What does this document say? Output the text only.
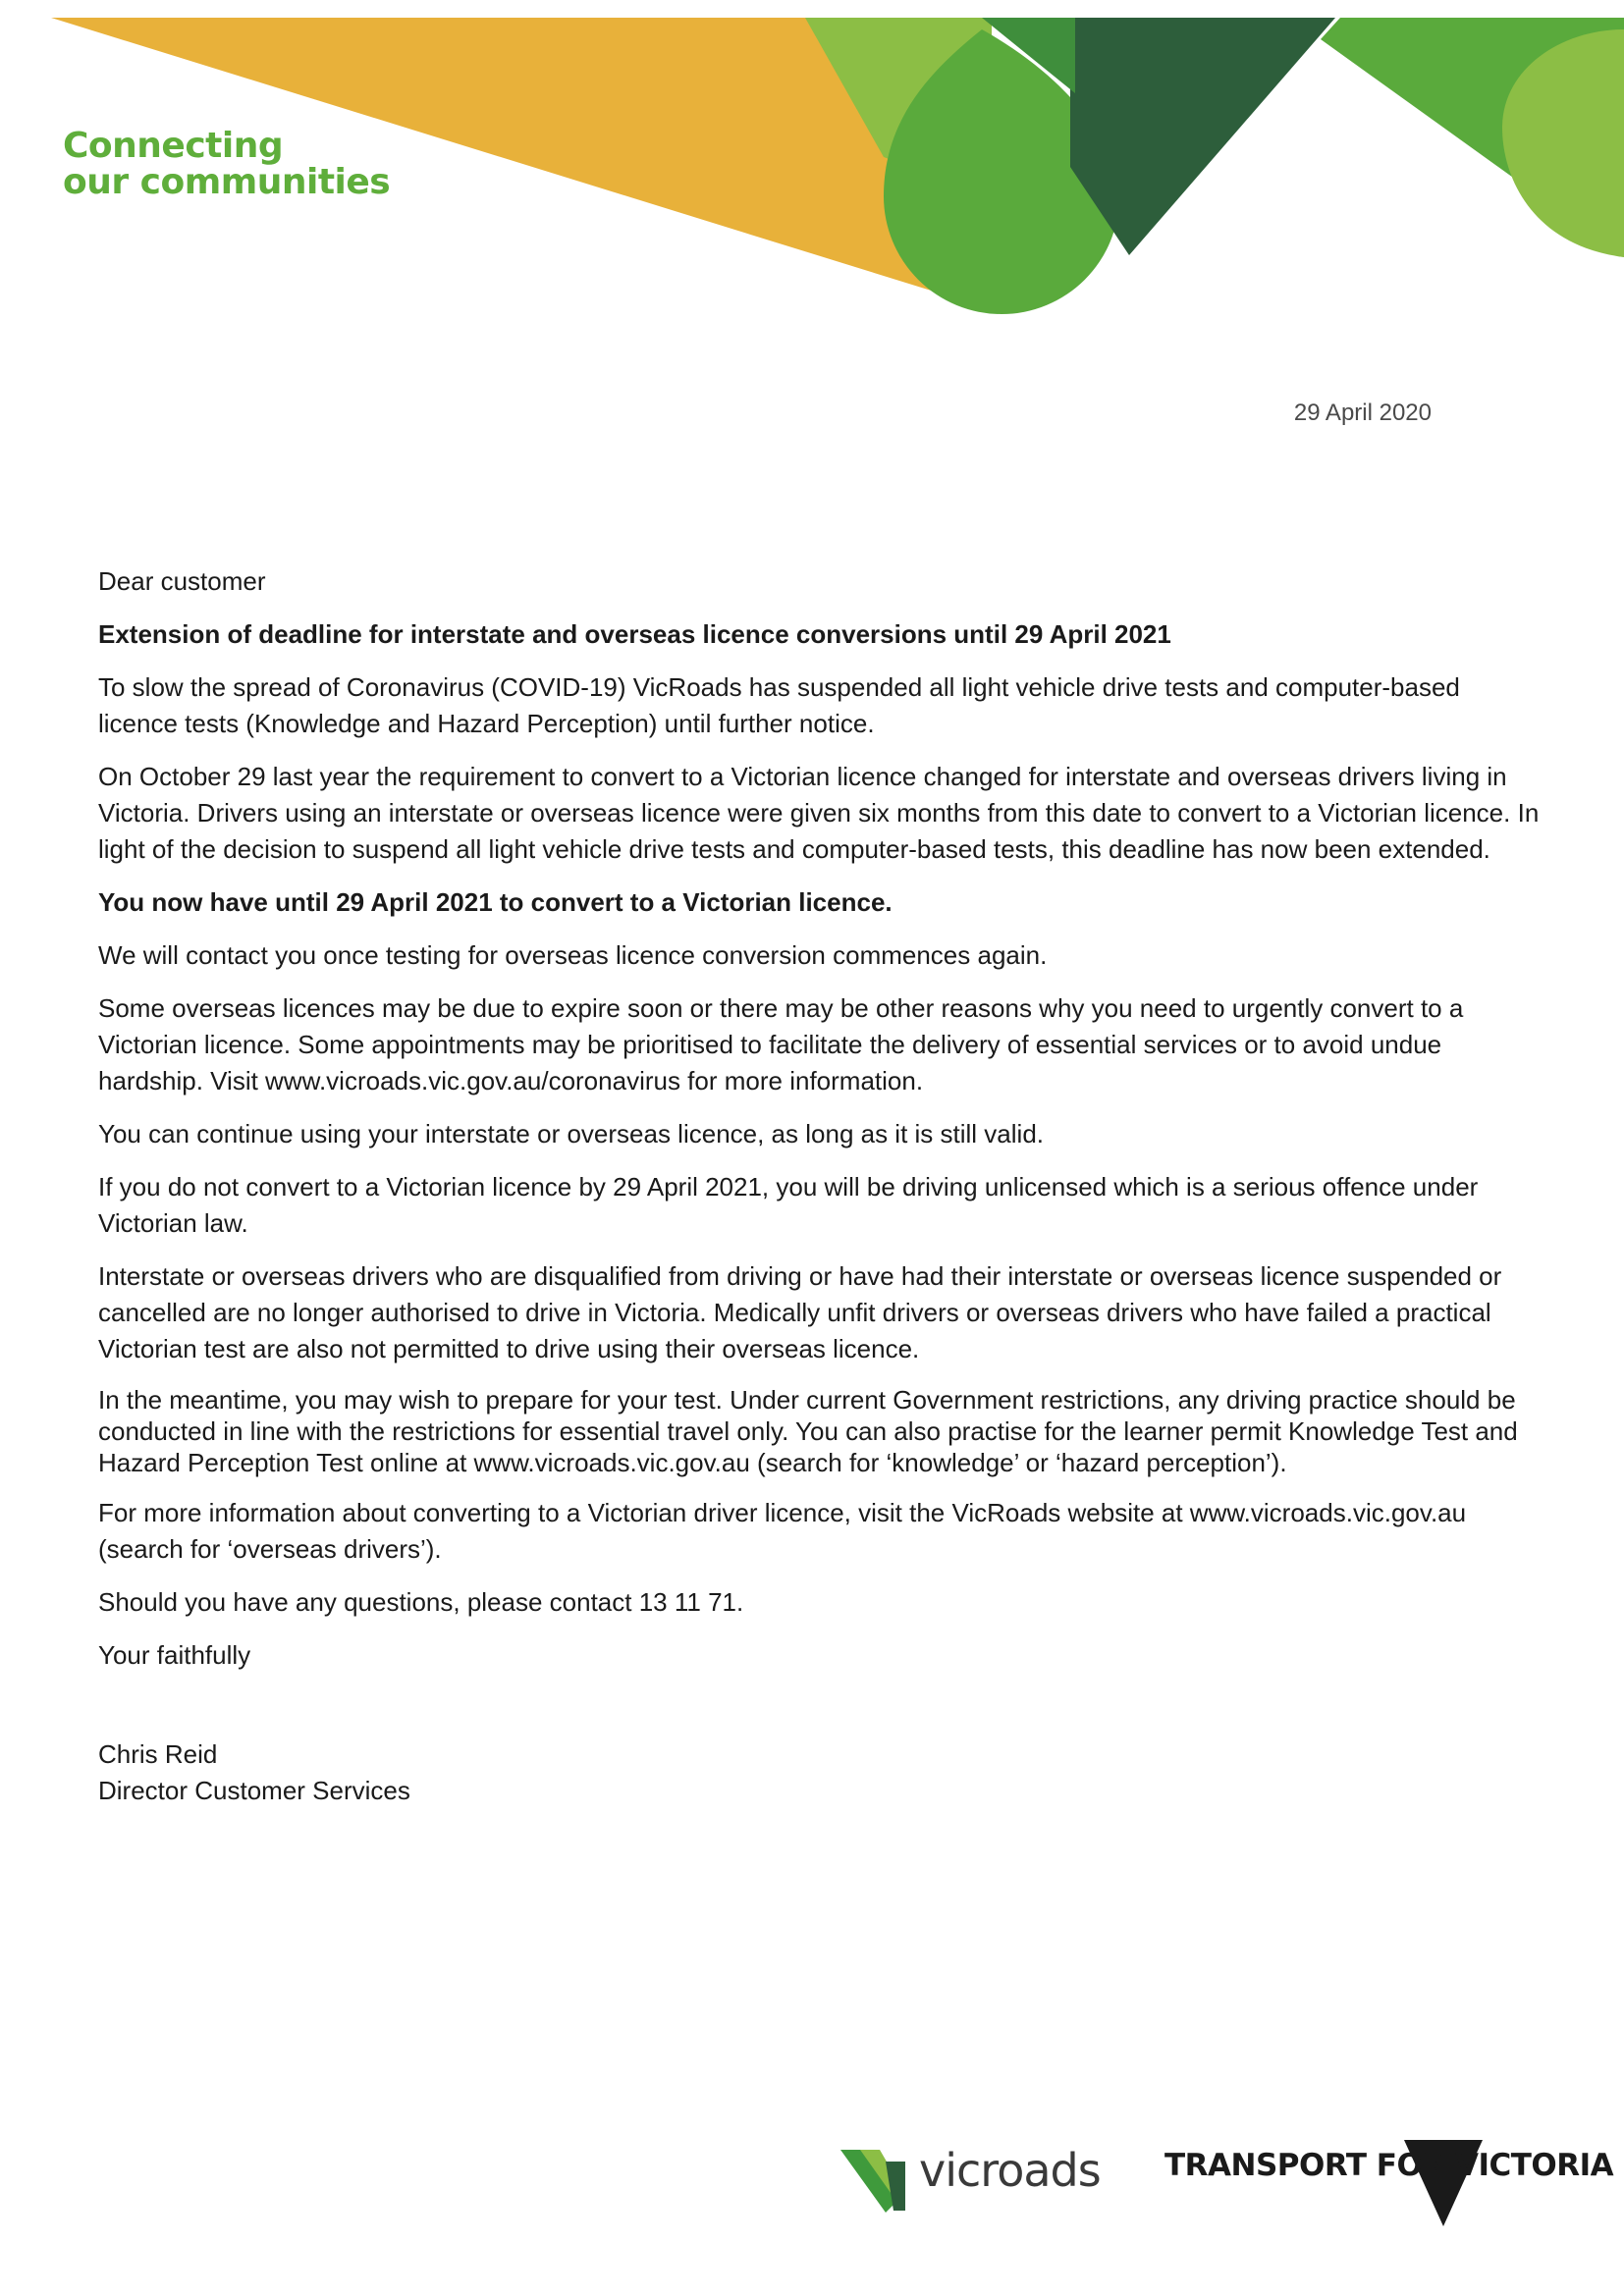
Connecting
our communities
29 April 2020

Dear customer

Extension of deadline for interstate and overseas licence conversions until 29 April 2021

To slow the spread of Coronavirus (COVID-19) VicRoads has suspended all light vehicle drive tests and computer-based licence tests (Knowledge and Hazard Perception) until further notice.

On October 29 last year the requirement to convert to a Victorian licence changed for interstate and overseas drivers living in Victoria. Drivers using an interstate or overseas licence were given six months from this date to convert to a Victorian licence. In light of the decision to suspend all light vehicle drive tests and computer-based tests, this deadline has now been extended.

You now have until 29 April 2021 to convert to a Victorian licence.

We will contact you once testing for overseas licence conversion commences again.

Some overseas licences may be due to expire soon or there may be other reasons why you need to urgently convert to a Victorian licence. Some appointments may be prioritised to facilitate the delivery of essential services or to avoid undue hardship. Visit www.vicroads.vic.gov.au/coronavirus for more information.

You can continue using your interstate or overseas licence, as long as it is still valid.

If you do not convert to a Victorian licence by 29 April 2021, you will be driving unlicensed which is a serious offence under Victorian law.

Interstate or overseas drivers who are disqualified from driving or have had their interstate or overseas licence suspended or cancelled are no longer authorised to drive in Victoria. Medically unfit drivers or overseas drivers who have failed a practical Victorian test are also not permitted to drive using their overseas licence.

In the meantime, you may wish to prepare for your test. Under current Government restrictions, any driving practice should be conducted in line with the restrictions for essential travel only. You can also practise for the learner permit Knowledge Test and Hazard Perception Test online at www.vicroads.vic.gov.au (search for ‘knowledge’ or ‘hazard perception’).

For more information about converting to a Victorian driver licence, visit the VicRoads website at www.vicroads.vic.gov.au (search for ‘overseas drivers’).

Should you have any questions, please contact 13 11 71.

Your faithfully

Chris Reid
Director Customer Services
vicroads TRANSPORT FOR VICTORIA
